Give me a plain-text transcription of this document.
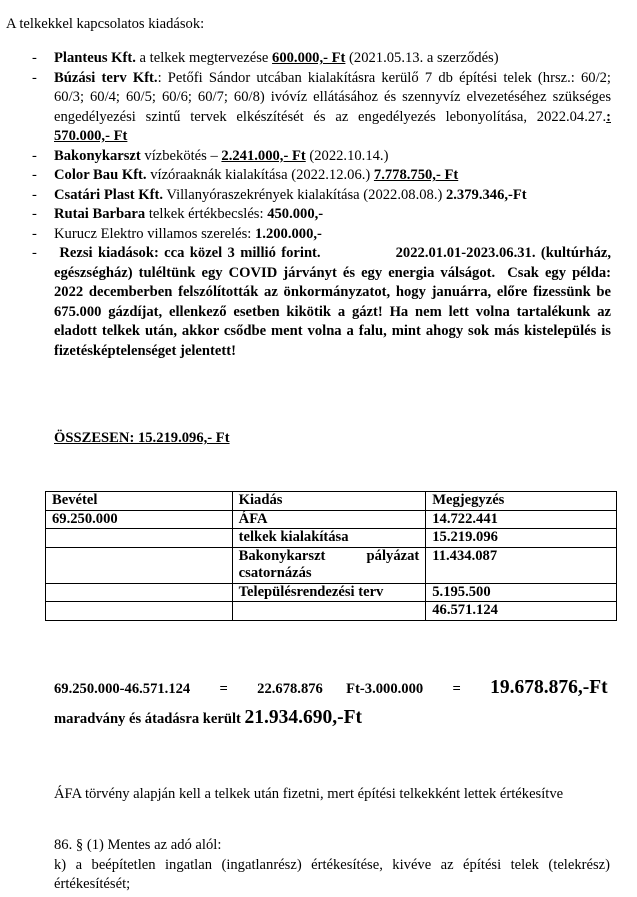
A telkekkel kapcsolatos kiadások:
- Planteus Kft. a telkek megtervezése 600.000,- Ft (2021.05.13. a szerződés)
- Búzási terv Kft.: Petőfi Sándor utcában kialakításra kerülő 7 db építési telek (hrsz.: 60/2; 60/3; 60/4; 60/5; 60/6; 60/7; 60/8) ivóvíz ellátásához és szennyvíz elvezetéséhez szükséges engedélyezési szintű tervek elkészítését és az engedélyezés lebonyolítása, 2022.04.27.: 570.000,- Ft
- Bakonykarszt vízbekötés – 2.241.000,- Ft (2022.10.14.)
- Color Bau Kft. vízóraaknák kialakítása (2022.12.06.) 7.778.750,- Ft
- Csatári Plast Kft. Villanyóraszekrények kialakítása (2022.08.08.) 2.379.346,-Ft
- Rutai Barbara telkek értékbecslés: 450.000,-
- Kurucz Elektro villamos szerelés: 1.200.000,-
- Rezsi kiadások: cca közel 3 millió forint.              2022.01.01-2023.06.31. (kultúrház, egészségház) tuléltünk egy COVID járványt és egy energia válságot.  Csak egy példa: 2022 decemberben felszólították az önkormányzatot, hogy januárra, előre fizessünk be 675.000 gázdíjat, ellenkező esetben kikötik a gázt! Ha nem lett volna tartalékunk az eladott telkek után, akkor csődbe ment volna a falu, mint ahogy sok más kistelepülés is fizetésképtelenséget jelentett!
ÖSSZESEN: 15.219.096,- Ft
Bevétel	Kiadás	Megjegyzés
69.250.000	ÁFA	14.722.441
	telkek kialakítása	15.219.096
	Bakonykarszt pályázat csatornázás	11.434.087
	Településrendezési terv	5.195.500
		46.571.124
69.250.000-46.571.124 = 22.678.876 Ft-3.000.000 = 19.678.876,-Ft
maradvány és átadásra került 21.934.690,-Ft
ÁFA törvény alapján kell a telkek után fizetni, mert építési telkekként lettek értékesítve
86. § (1) Mentes az adó alól:
k) a beépítetlen ingatlan (ingatlanrész) értékesítése, kivéve az építési telek (telekrész) értékesítését;
